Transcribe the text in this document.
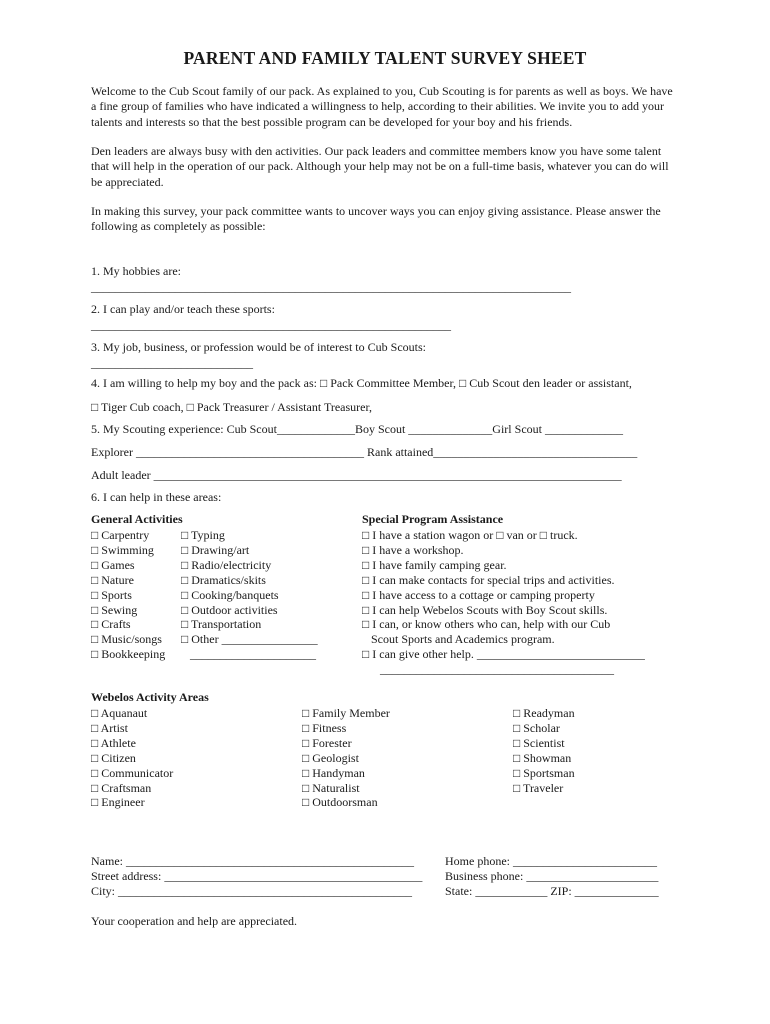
PARENT AND FAMILY TALENT SURVEY SHEET
Welcome to the Cub Scout family of our pack. As explained to you, Cub Scouting is for parents as well as boys. We have a fine group of families who have indicated a willingness to help, according to their abilities. We invite you to add your talents and interests so that the best possible program can be developed for your boy and his friends.
Den leaders are always busy with den activities. Our pack leaders and committee members know you have some talent that will help in the operation of our pack. Although your help may not be on a full-time basis, whatever you can do will be appreciated.
In making this survey, your pack committee wants to uncover ways you can enjoy giving assistance. Please answer the following as completely as possible:
1. My hobbies are:
________________________________________________________________________________
2. I can play and/or teach these sports:
____________________________________________________________
3. My job, business, or profession would be of interest to Cub Scouts:
___________________________
4. I am willing to help my boy and the pack as: □ Pack Committee Member, □ Cub Scout den leader or assistant,
□ Tiger Cub coach, □ Pack Treasurer / Assistant Treasurer,
5. My Scouting experience: Cub Scout_____________Boy Scout ______________Girl Scout _____________
Explorer ______________________________________ Rank attained__________________________________
Adult leader ______________________________________________________________________________
6. I can help in these areas:
General Activities
□ Carpentry
□ Swimming
□ Games
□ Nature
□ Sports
□ Sewing
□ Crafts
□ Music/songs
□ Bookkeeping
□ Typing
□ Drawing/art
□ Radio/electricity
□ Dramatics/skits
□ Cooking/banquets
□ Outdoor activities
□ Transportation
□ Other ________________
_____________________
Special Program Assistance
□ I have a station wagon or □ van or □ truck.
□ I have a workshop.
□ I have family camping gear.
□ I can make contacts for special trips and activities.
□ I have access to a cottage or camping property
□ I can help Webelos Scouts with Boy Scout skills.
□ I can, or know others who can, help with our Cub
Scout Sports and Academics program.
□ I can give other help. ____________________________
_______________________________________
Webelos Activity Areas
□ Aquanaut
□ Artist
□ Athlete
□ Citizen
□ Communicator
□ Craftsman
□ Engineer
□ Family Member
□ Fitness
□ Forester
□ Geologist
□ Handyman
□ Naturalist
□ Outdoorsman
□ Readyman
□ Scholar
□ Scientist
□ Showman
□ Sportsman
□ Traveler
Name: ________________________________________________
Street address: ___________________________________________
City: _________________________________________________
Home phone: ________________________
Business phone: ______________________
State: ____________ ZIP: ______________
Your cooperation and help are appreciated.
